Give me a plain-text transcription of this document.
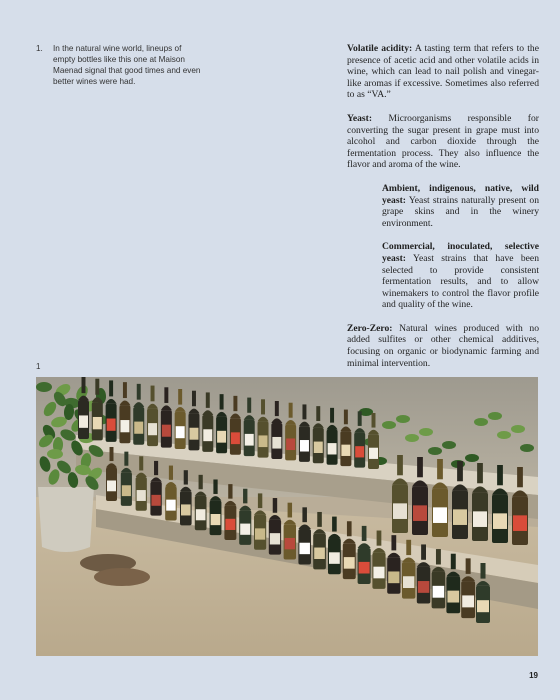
1. In the natural wine world, lineups of empty bottles like this one at Maison Maenad signal that good times and even better wines were had.

Volatile acidity: A tasting term that refers to the presence of acetic acid and other volatile acids in wine, which can lead to nail polish and vinegar-like aromas if excessive. Sometimes also referred to as “VA.”

Yeast: Microorganisms responsible for converting the sugar present in grape must into alcohol and carbon dioxide through the fermentation process. They also influence the flavor and aroma of the wine.

Ambient, indigenous, native, wild yeast: Yeast strains naturally present on grape skins and in the winery environment.

Commercial, inoculated, selective yeast: Yeast strains that have been selected to provide consistent fermentation results, and to allow winemakers to control the flavor profile and quality of the wine.

Zero-Zero: Natural wines produced with no added sulfites or other chemical additives, focusing on organic or biodynamic farming and minimal intervention.

1
19
